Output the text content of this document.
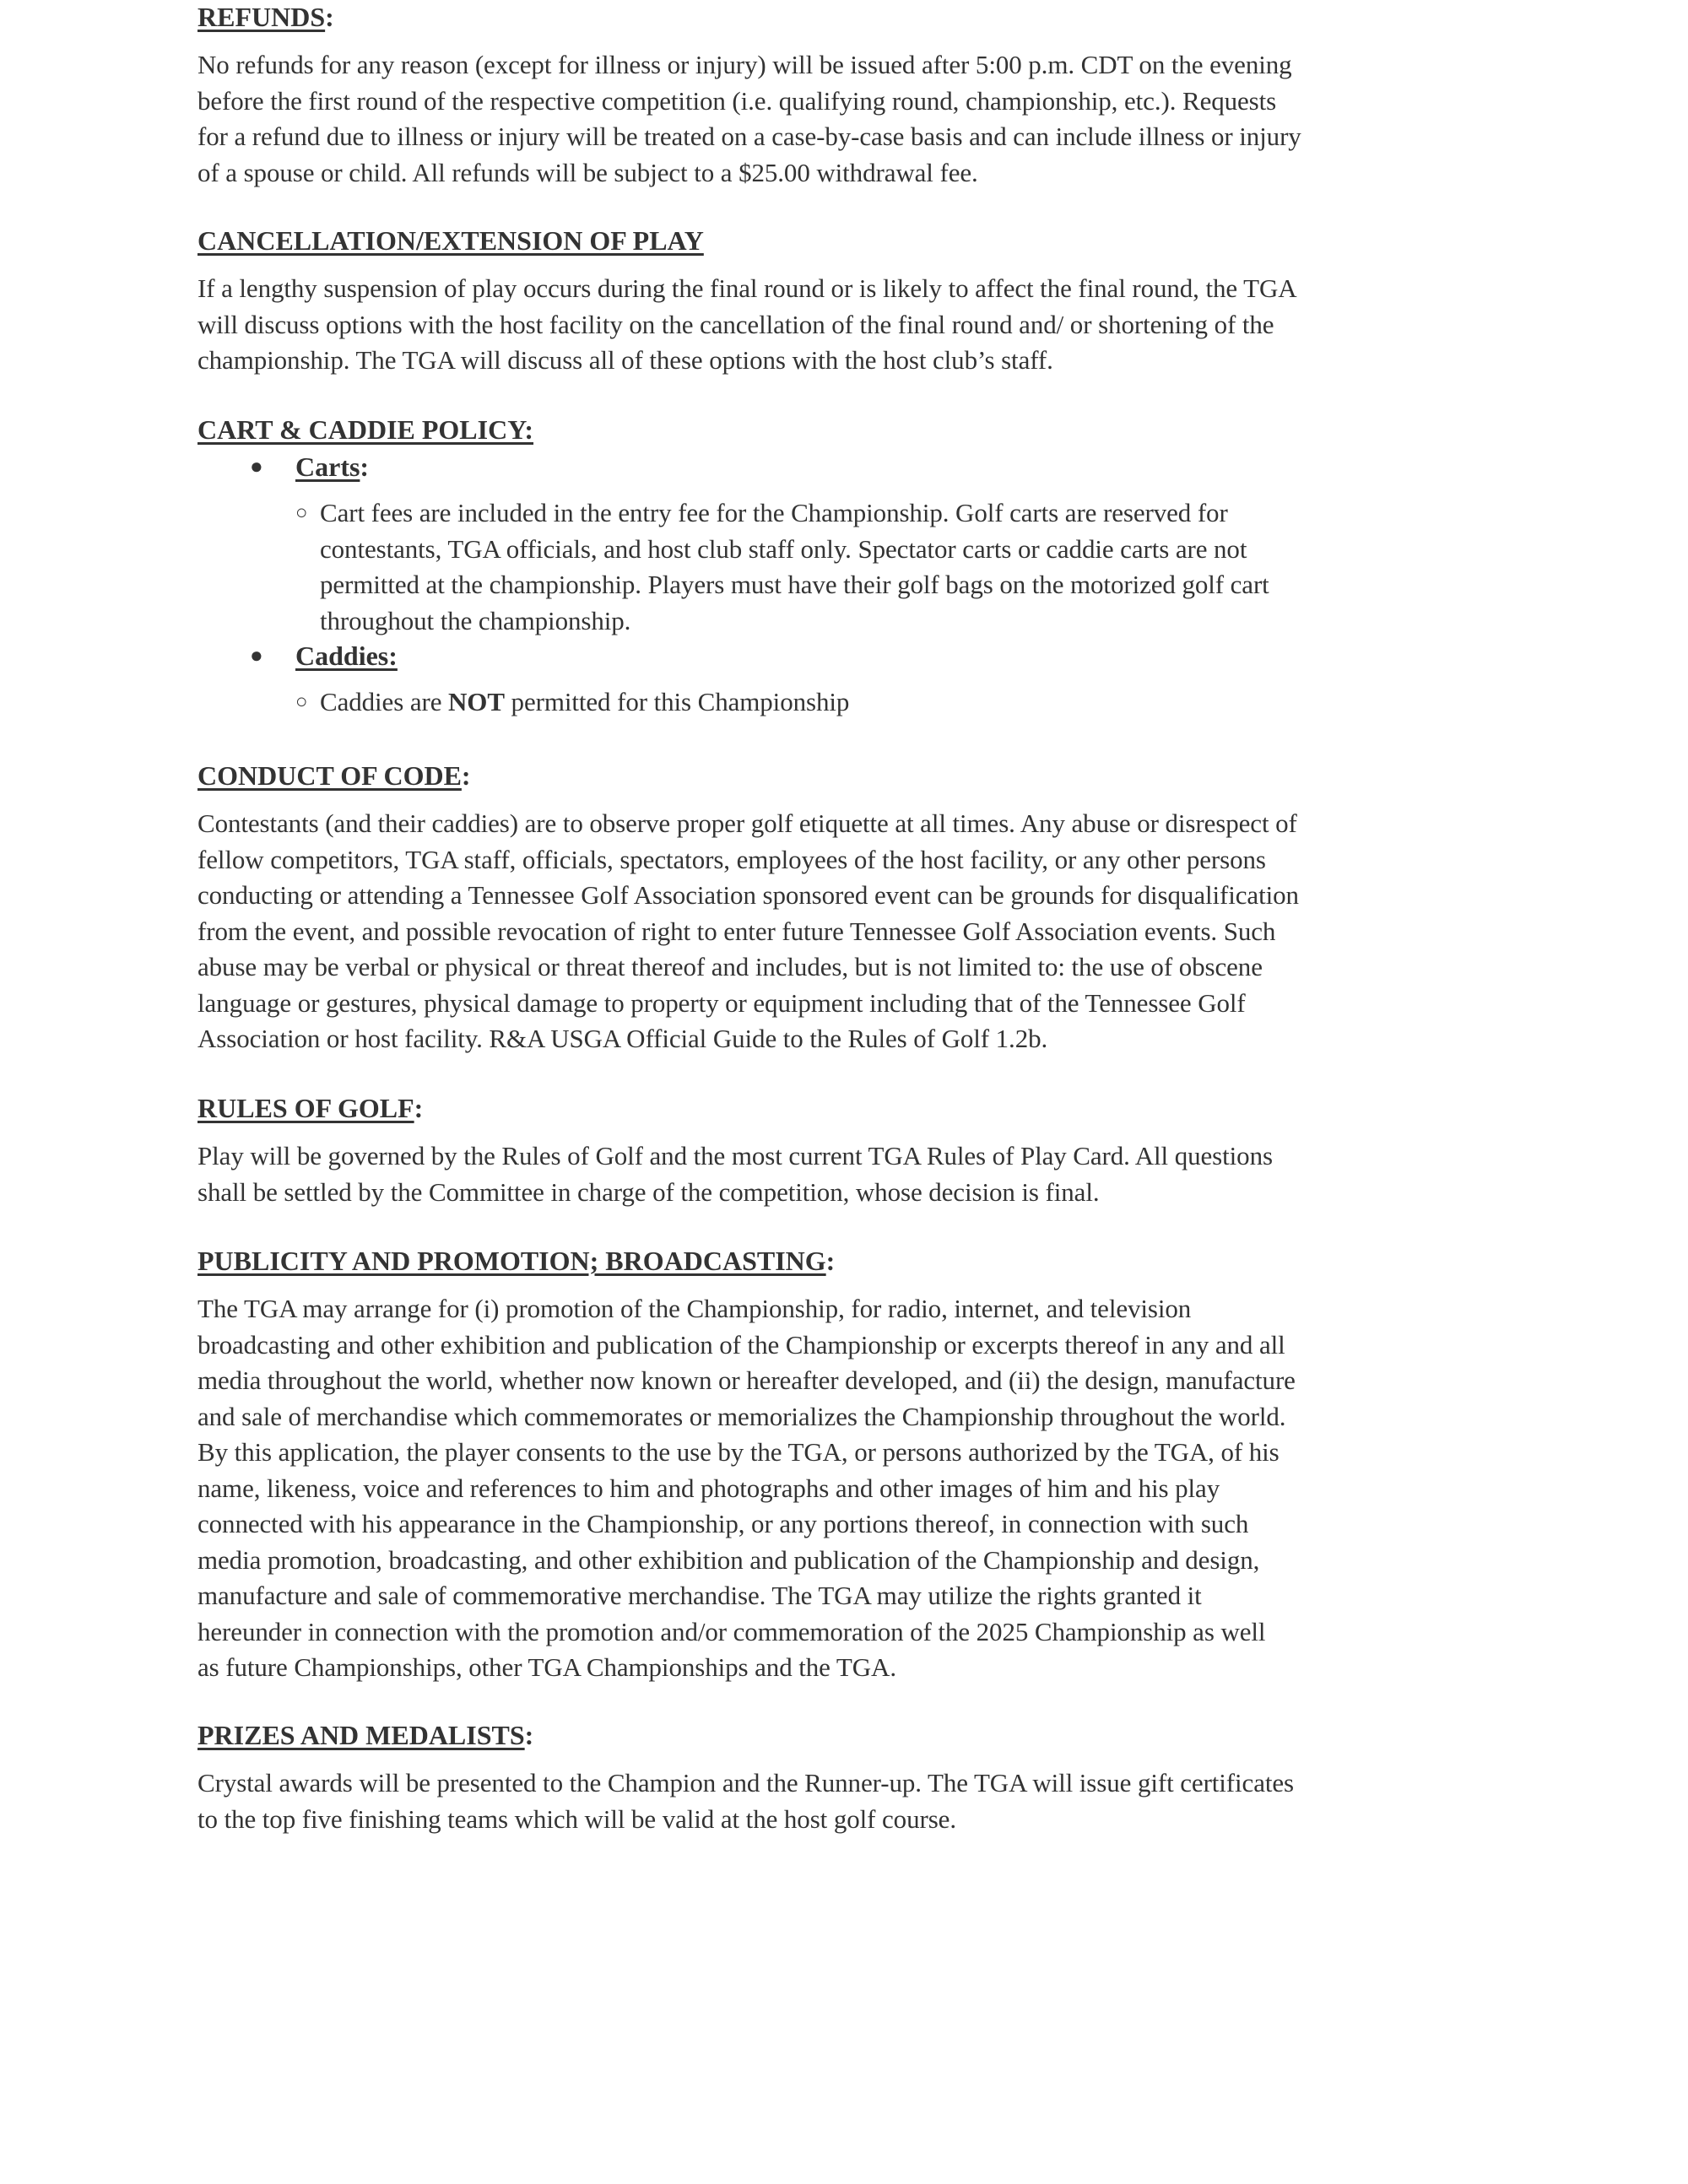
REFUNDS:
No refunds for any reason (except for illness or injury) will be issued after 5:00 p.m. CDT on the evening
before the first round of the respective competition (i.e. qualifying round, championship, etc.). Requests
for a refund due to illness or injury will be treated on a case-by-case basis and can include illness or injury
of a spouse or child. All refunds will be subject to a $25.00 withdrawal fee.
CANCELLATION/EXTENSION OF PLAY
If a lengthy suspension of play occurs during the final round or is likely to affect the final round, the TGA
will discuss options with the host facility on the cancellation of the final round and/ or shortening of the
championship. The TGA will discuss all of these options with the host club’s staff.
CART & CADDIE POLICY:
● Carts:
○ Cart fees are included in the entry fee for the Championship. Golf carts are reserved for
contestants, TGA officials, and host club staff only. Spectator carts or caddie carts are not
permitted at the championship. Players must have their golf bags on the motorized golf cart
throughout the championship.
● Caddies:
○ Caddies are NOT permitted for this Championship
CONDUCT OF CODE:
Contestants (and their caddies) are to observe proper golf etiquette at all times. Any abuse or disrespect of
fellow competitors, TGA staff, officials, spectators, employees of the host facility, or any other persons
conducting or attending a Tennessee Golf Association sponsored event can be grounds for disqualification
from the event, and possible revocation of right to enter future Tennessee Golf Association events. Such
abuse may be verbal or physical or threat thereof and includes, but is not limited to: the use of obscene
language or gestures, physical damage to property or equipment including that of the Tennessee Golf
Association or host facility. R&A USGA Official Guide to the Rules of Golf 1.2b.
RULES OF GOLF:
Play will be governed by the Rules of Golf and the most current TGA Rules of Play Card. All questions
shall be settled by the Committee in charge of the competition, whose decision is final.
PUBLICITY AND PROMOTION; BROADCASTING:
The TGA may arrange for (i) promotion of the Championship, for radio, internet, and television
broadcasting and other exhibition and publication of the Championship or excerpts thereof in any and all
media throughout the world, whether now known or hereafter developed, and (ii) the design, manufacture
and sale of merchandise which commemorates or memorializes the Championship throughout the world.
By this application, the player consents to the use by the TGA, or persons authorized by the TGA, of his
name, likeness, voice and references to him and photographs and other images of him and his play
connected with his appearance in the Championship, or any portions thereof, in connection with such
media promotion, broadcasting, and other exhibition and publication of the Championship and design,
manufacture and sale of commemorative merchandise. The TGA may utilize the rights granted it
hereunder in connection with the promotion and/or commemoration of the 2025 Championship as well
as future Championships, other TGA Championships and the TGA.
PRIZES AND MEDALISTS:
Crystal awards will be presented to the Champion and the Runner-up. The TGA will issue gift certificates
to the top five finishing teams which will be valid at the host golf course.
